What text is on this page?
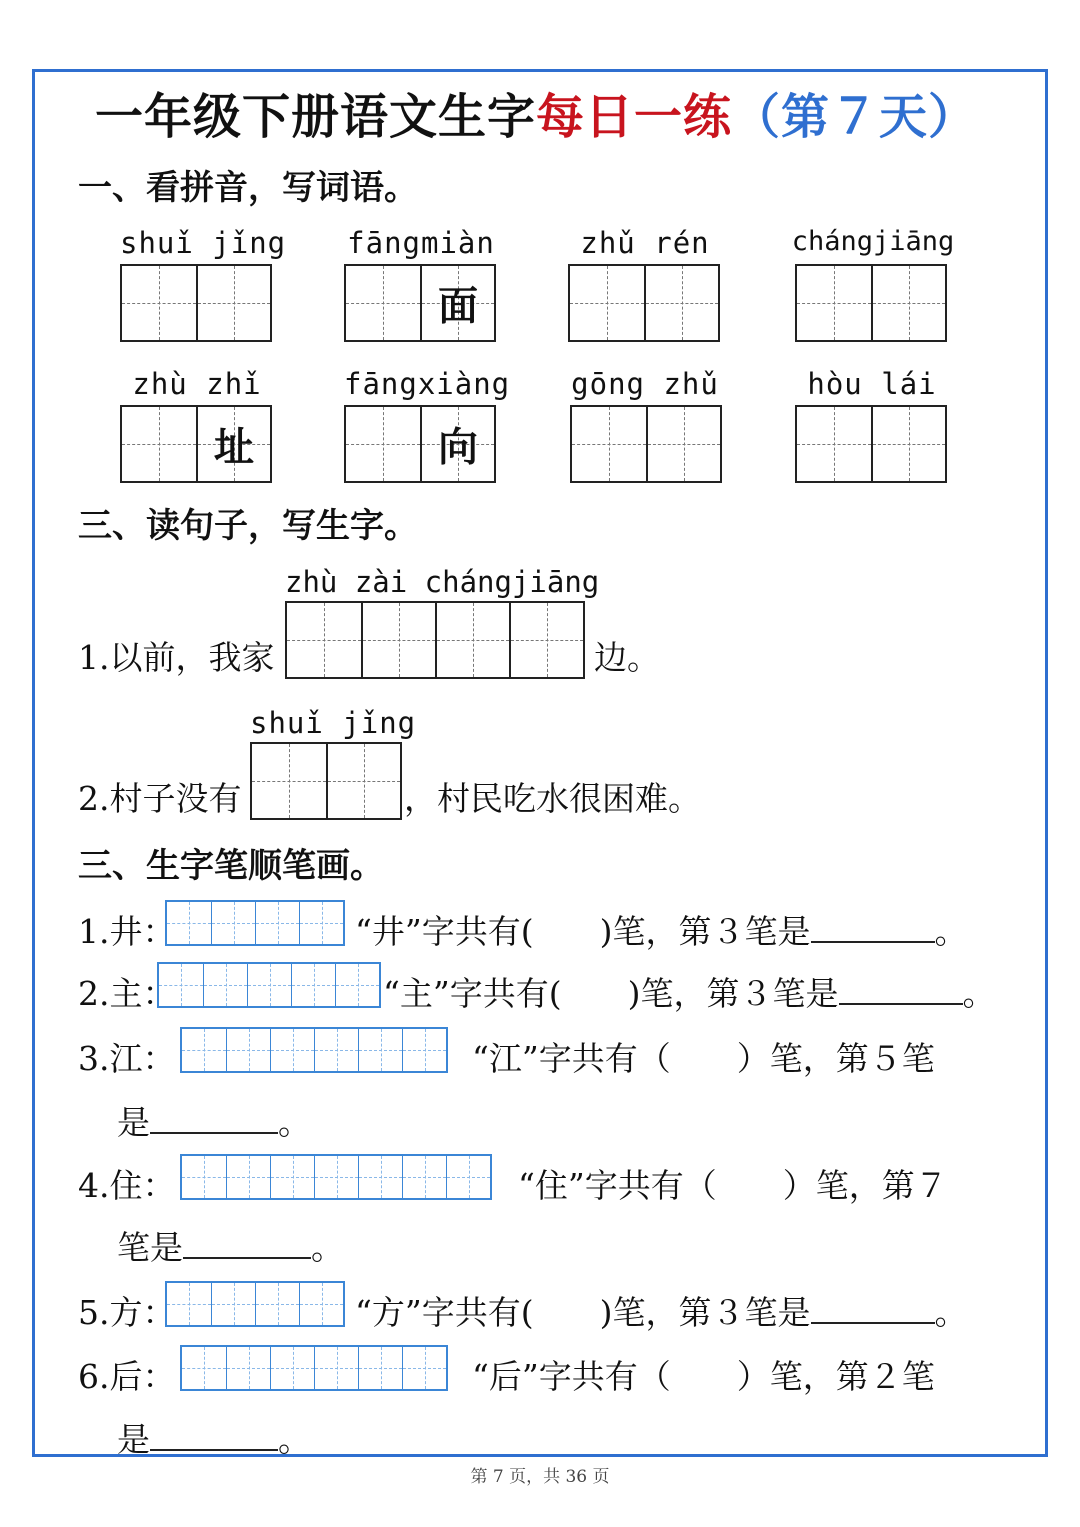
一年级下册语文生字每日一练（第７天）
一、看拼音，写词语。
shuǐ jǐng fāngmiàn
面
zhǔ rén	chángjiāng
zhù zhǐ
址
fāngxiàng
向
gōng zhǔ	hòu lái
三、读句子，写生字。
zhù zài chángjiāng
1.以前，我家	边。
shuǐ jǐng
2.村子没有	，村民吃水很困难。
三、生字笔顺笔画。
1.井：	“井”字共有(　　)笔，第３笔是	。
2.主：	“主”字共有(　　)笔，第３笔是	。
3.江：	“江”字共有（　　）笔，第５笔
是	。
4.住：	“住”字共有（　　）笔，第７
笔是	。
5.方：	“方”字共有(　　)笔，第３笔是	。
6.后：	“后”字共有（　　）笔，第２笔
是	。
第 7 页，共 36 页
